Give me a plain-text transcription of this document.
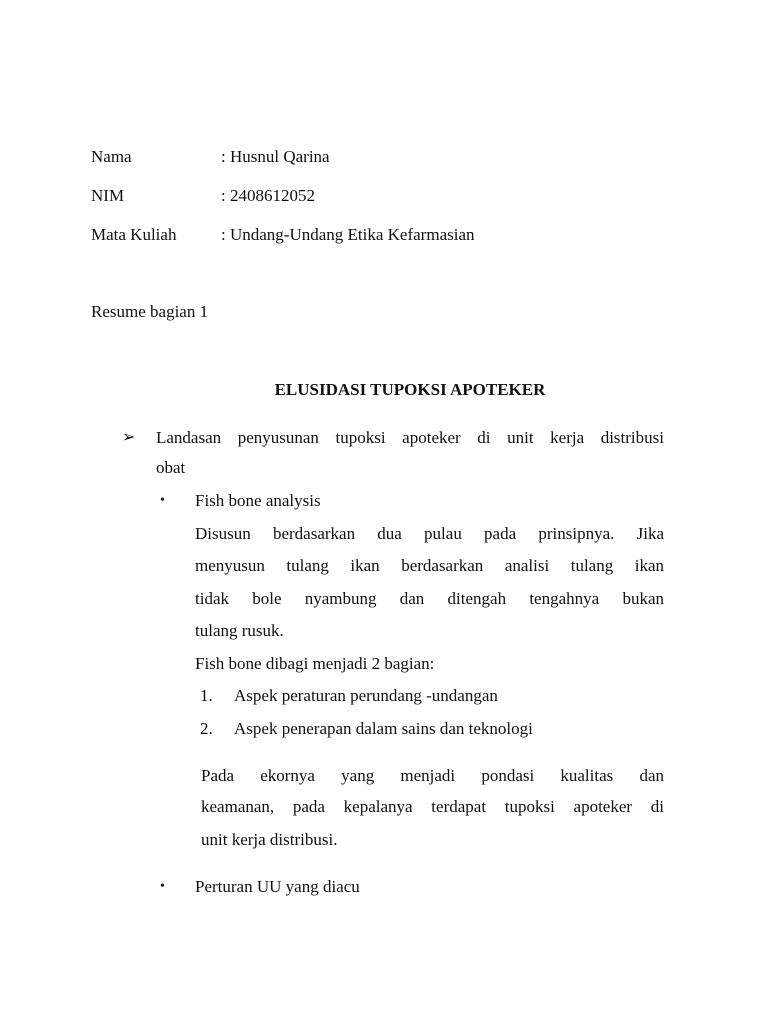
Nama	: Husnul Qarina
NIM	: 2408612052
Mata Kuliah	: Undang-Undang Etika Kefarmasian
Resume bagian 1
ELUSIDASI TUPOKSI APOTEKER
➢ Landasan penyusunan tupoksi apoteker di unit kerja distribusi
obat
• Fish bone analysis
Disusun berdasarkan dua pulau pada prinsipnya. Jika
menyusun tulang ikan berdasarkan analisi tulang ikan
tidak bole nyambung dan ditengah tengahnya bukan
tulang rusuk.
Fish bone dibagi menjadi 2 bagian:
1. Aspek peraturan perundang -undangan
2. Aspek penerapan dalam sains dan teknologi
Pada ekornya yang menjadi pondasi kualitas dan
keamanan, pada kepalanya terdapat tupoksi apoteker di
unit kerja distribusi.
• Perturan UU yang diacu
